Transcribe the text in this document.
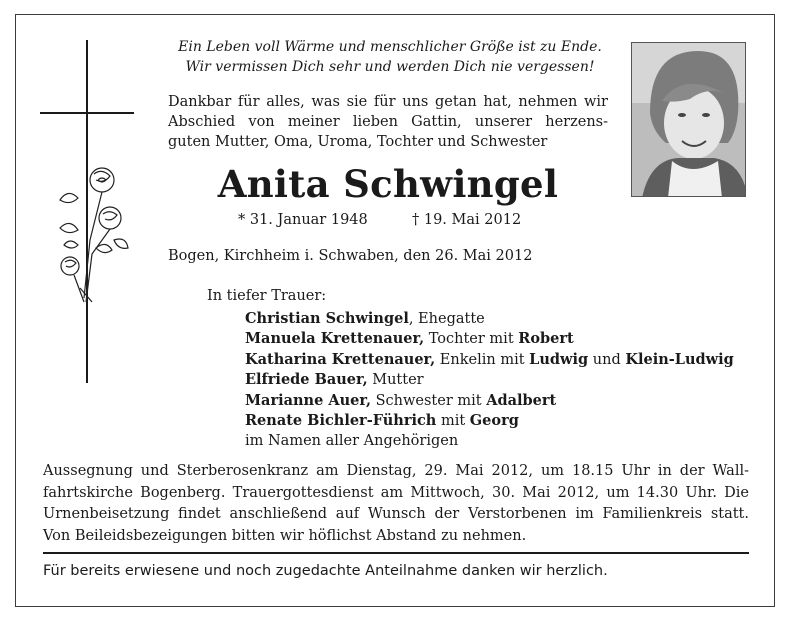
Ein Leben voll Wärme und menschlicher Größe ist zu Ende.
Wir vermissen Dich sehr und werden Dich nie vergessen!
Dankbar für alles, was sie für uns getan hat, nehmen wir
Abschied von meiner lieben Gattin, unserer herzens-
guten Mutter, Oma, Uroma, Tochter und Schwester
Anita Schwingel
* 31. Januar 1948	† 19. Mai 2012
Bogen, Kirchheim i. Schwaben, den 26. Mai 2012
In tiefer Trauer:
Christian Schwingel, Ehegatte
Manuela Krettenauer, Tochter mit Robert
Katharina Krettenauer, Enkelin mit Ludwig und Klein-Ludwig
Elfriede Bauer, Mutter
Marianne Auer, Schwester mit Adalbert
Renate Bichler-Führich mit Georg
im Namen aller Angehörigen
Aussegnung und Sterberosenkranz am Dienstag, 29. Mai 2012, um 18.15 Uhr in der Wall-
fahrtskirche Bogenberg. Trauergottesdienst am Mittwoch, 30. Mai 2012, um 14.30 Uhr. Die
Urnenbeisetzung findet anschließend auf Wunsch der Verstorbenen im Familienkreis statt.
Von Beileidsbezeigungen bitten wir höflichst Abstand zu nehmen.
Für bereits erwiesene und noch zugedachte Anteilnahme danken wir herzlich.
